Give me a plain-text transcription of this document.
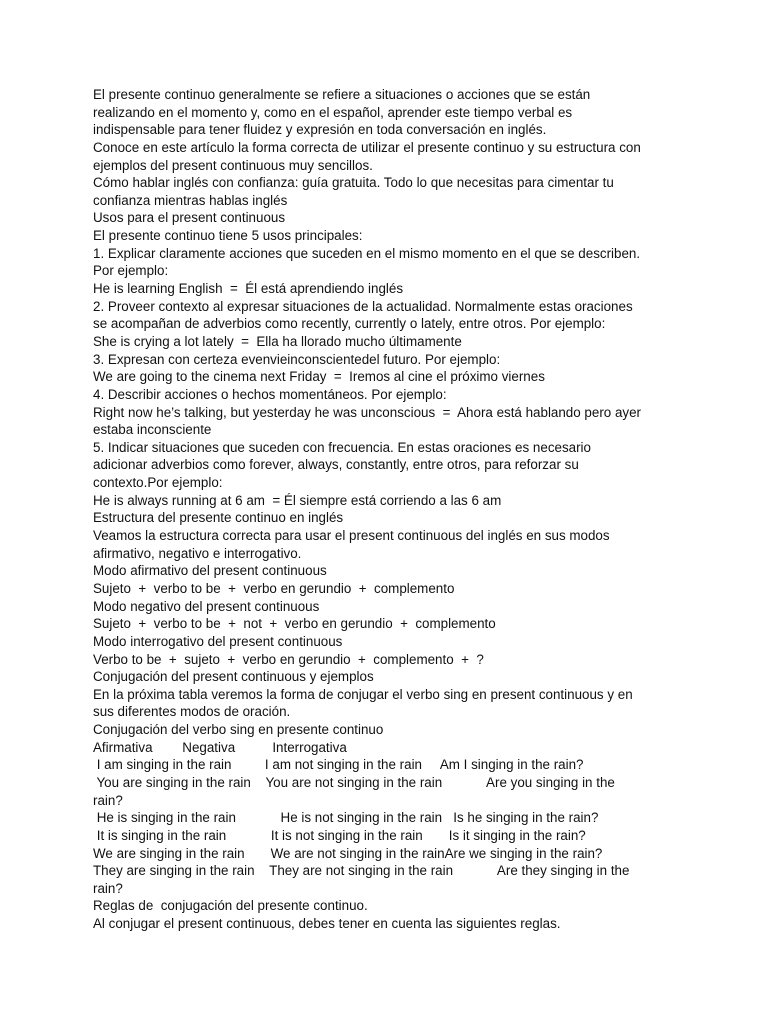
El presente continuo generalmente se refiere a situaciones o acciones que se están
realizando en el momento y, como en el español, aprender este tiempo verbal es
indispensable para tener fluidez y expresión en toda conversación en inglés.
Conoce en este artículo la forma correcta de utilizar el presente continuo y su estructura con
ejemplos del present continuous muy sencillos.
Cómo hablar inglés con confianza: guía gratuita. Todo lo que necesitas para cimentar tu
confianza mientras hablas inglés
Usos para el present continuous
El presente continuo tiene 5 usos principales:
1. Explicar claramente acciones que suceden en el mismo momento en el que se describen.
Por ejemplo:
He is learning English  =  Él está aprendiendo inglés
2. Proveer contexto al expresar situaciones de la actualidad. Normalmente estas oraciones
se acompañan de adverbios como recently, currently o lately, entre otros. Por ejemplo:
She is crying a lot lately  =  Ella ha llorado mucho últimamente
3. Expresan con certeza evenvieinconscientedel futuro. Por ejemplo:
We are going to the cinema next Friday  =  Iremos al cine el próximo viernes
4. Describir acciones o hechos momentáneos. Por ejemplo:
Right now he’s talking, but yesterday he was unconscious  =  Ahora está hablando pero ayer
estaba inconsciente
5. Indicar situaciones que suceden con frecuencia. En estas oraciones es necesario
adicionar adverbios como forever, always, constantly, entre otros, para reforzar su
contexto.Por ejemplo:
He is always running at 6 am  = Él siempre está corriendo a las 6 am
Estructura del presente continuo en inglés
Veamos la estructura correcta para usar el present continuous del inglés en sus modos
afirmativo, negativo e interrogativo.
Modo afirmativo del present continuous
Sujeto  +  verbo to be  +  verbo en gerundio  +  complemento
Modo negativo del present continuous
Sujeto  +  verbo to be  +  not  +  verbo en gerundio  +  complemento
Modo interrogativo del present continuous
Verbo to be  +  sujeto  +  verbo en gerundio  +  complemento  +  ?
Conjugación del present continuous y ejemplos
En la próxima tabla veremos la forma de conjugar el verbo sing en present continuous y en
sus diferentes modos de oración.
Conjugación del verbo sing en presente continuo
Afirmativa        Negativa          Interrogativa
I am singing in the rain         I am not singing in the rain     Am I singing in the rain?
You are singing in the rain    You are not singing in the rain            Are you singing in the
rain?
He is singing in the rain            He is not singing in the rain   Is he singing in the rain?
It is singing in the rain            It is not singing in the rain       Is it singing in the rain?
We are singing in the rain       We are not singing in the rainAre we singing in the rain?
They are singing in the rain    They are not singing in the rain            Are they singing in the
rain?
Reglas de  conjugación del presente continuo.
Al conjugar el present continuous, debes tener en cuenta las siguientes reglas.
